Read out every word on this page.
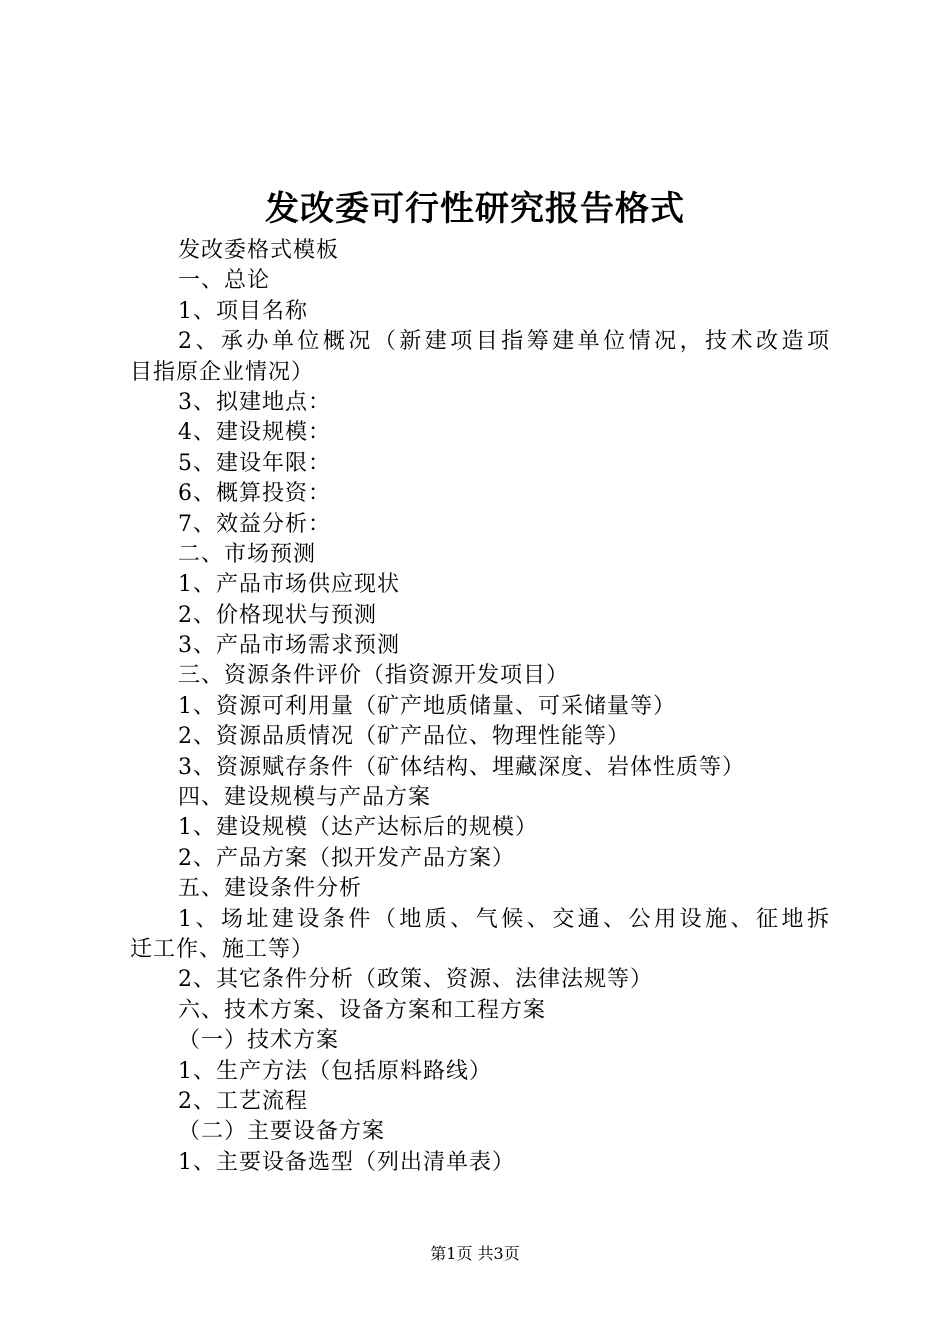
发改委可行性研究报告格式
发改委格式模板
一、总论
1、项目名称
2、承办单位概况（新建项目指筹建单位情况，技术改造项
目指原企业情况）
3、拟建地点：
4、建设规模：
5、建设年限：
6、概算投资：
7、效益分析：
二、市场预测
1、产品市场供应现状
2、价格现状与预测
3、产品市场需求预测
三、资源条件评价（指资源开发项目）
1、资源可利用量（矿产地质储量、可采储量等）
2、资源品质情况（矿产品位、物理性能等）
3、资源赋存条件（矿体结构、埋藏深度、岩体性质等）
四、建设规模与产品方案
1、建设规模（达产达标后的规模）
2、产品方案（拟开发产品方案）
五、建设条件分析
1、场址建设条件（地质、气候、交通、公用设施、征地拆
迁工作、施工等）
2、其它条件分析（政策、资源、法律法规等）
六、技术方案、设备方案和工程方案
（一）技术方案
1、生产方法（包括原料路线）
2、工艺流程
（二）主要设备方案
1、主要设备选型（列出清单表）
第1页 共3页
